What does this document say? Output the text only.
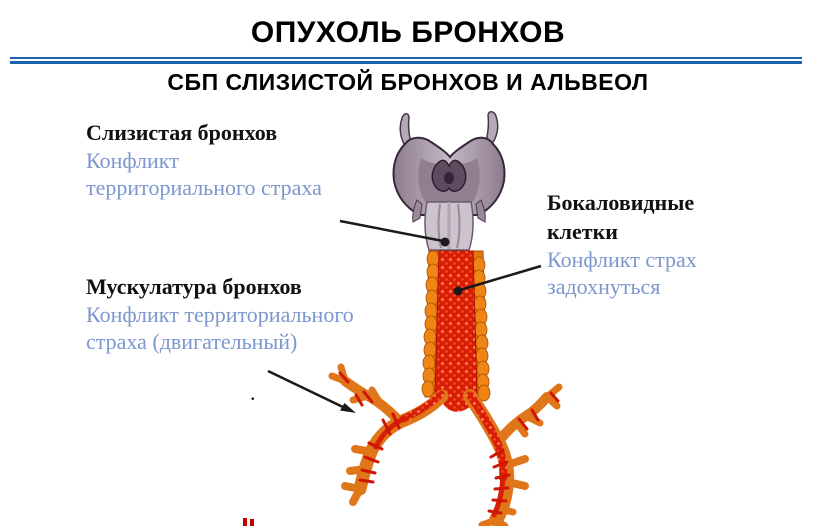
ОПУХОЛЬ БРОНХОВ
СБП СЛИЗИСТОЙ БРОНХОВ И АЛЬВЕОЛ
Слизистая бронхов
Конфликт
территориального страха
Бокаловидные
клетки
Конфликт страх
задохнуться
Мускулатура бронхов
Конфликт территориального
страха (двигательный)
.
